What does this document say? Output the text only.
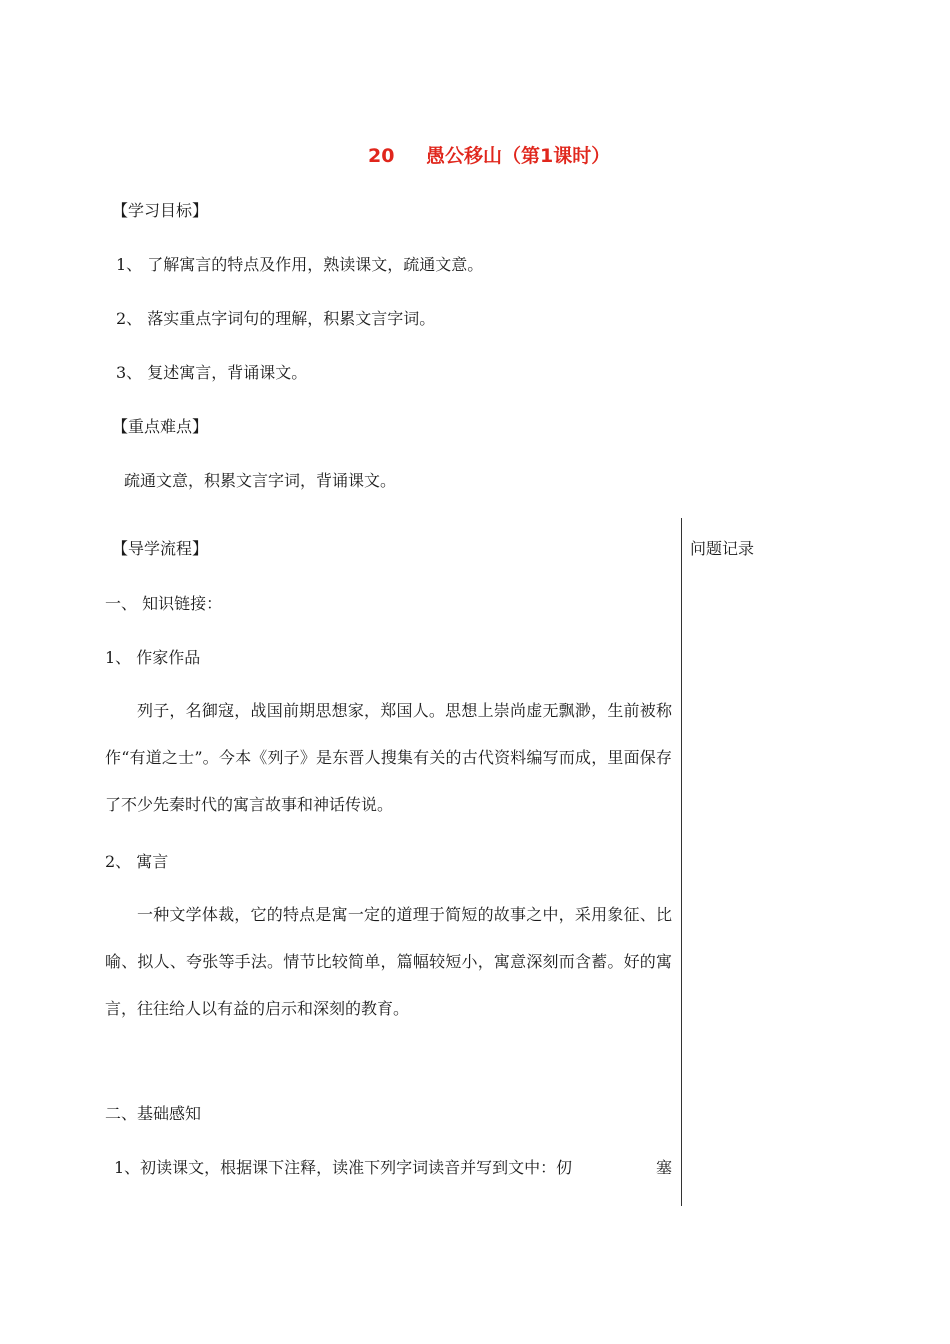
20 愚公移山（第1课时）
【学习目标】
1、 了解寓言的特点及作用，熟读课文，疏通文意。
2、 落实重点字词句的理解，积累文言字词。
3、 复述寓言，背诵课文。
【重点难点】
疏通文意，积累文言字词，背诵课文。
问题记录
【导学流程】
一、 知识链接：
1、 作家作品

列子，名御寇，战国前期思想家，郑国人。思想上崇尚虚无飘渺，生前被称作“有道之士”。今本《列子》是东晋人搜集有关的古代资料编写而成，里面保存了不少先秦时代的寓言故事和神话传说。

2、 寓言

一种文学体裁，它的特点是寓一定的道理于简短的故事之中，采用象征、比喻、拟人、夸张等手法。情节比较简单，篇幅较短小，寓意深刻而含蓄。好的寓言，往往给人以有益的启示和深刻的教育。

二、基础感知
1、初读课文，根据课下注释，读准下列字词读音并写到文中：仞	塞
